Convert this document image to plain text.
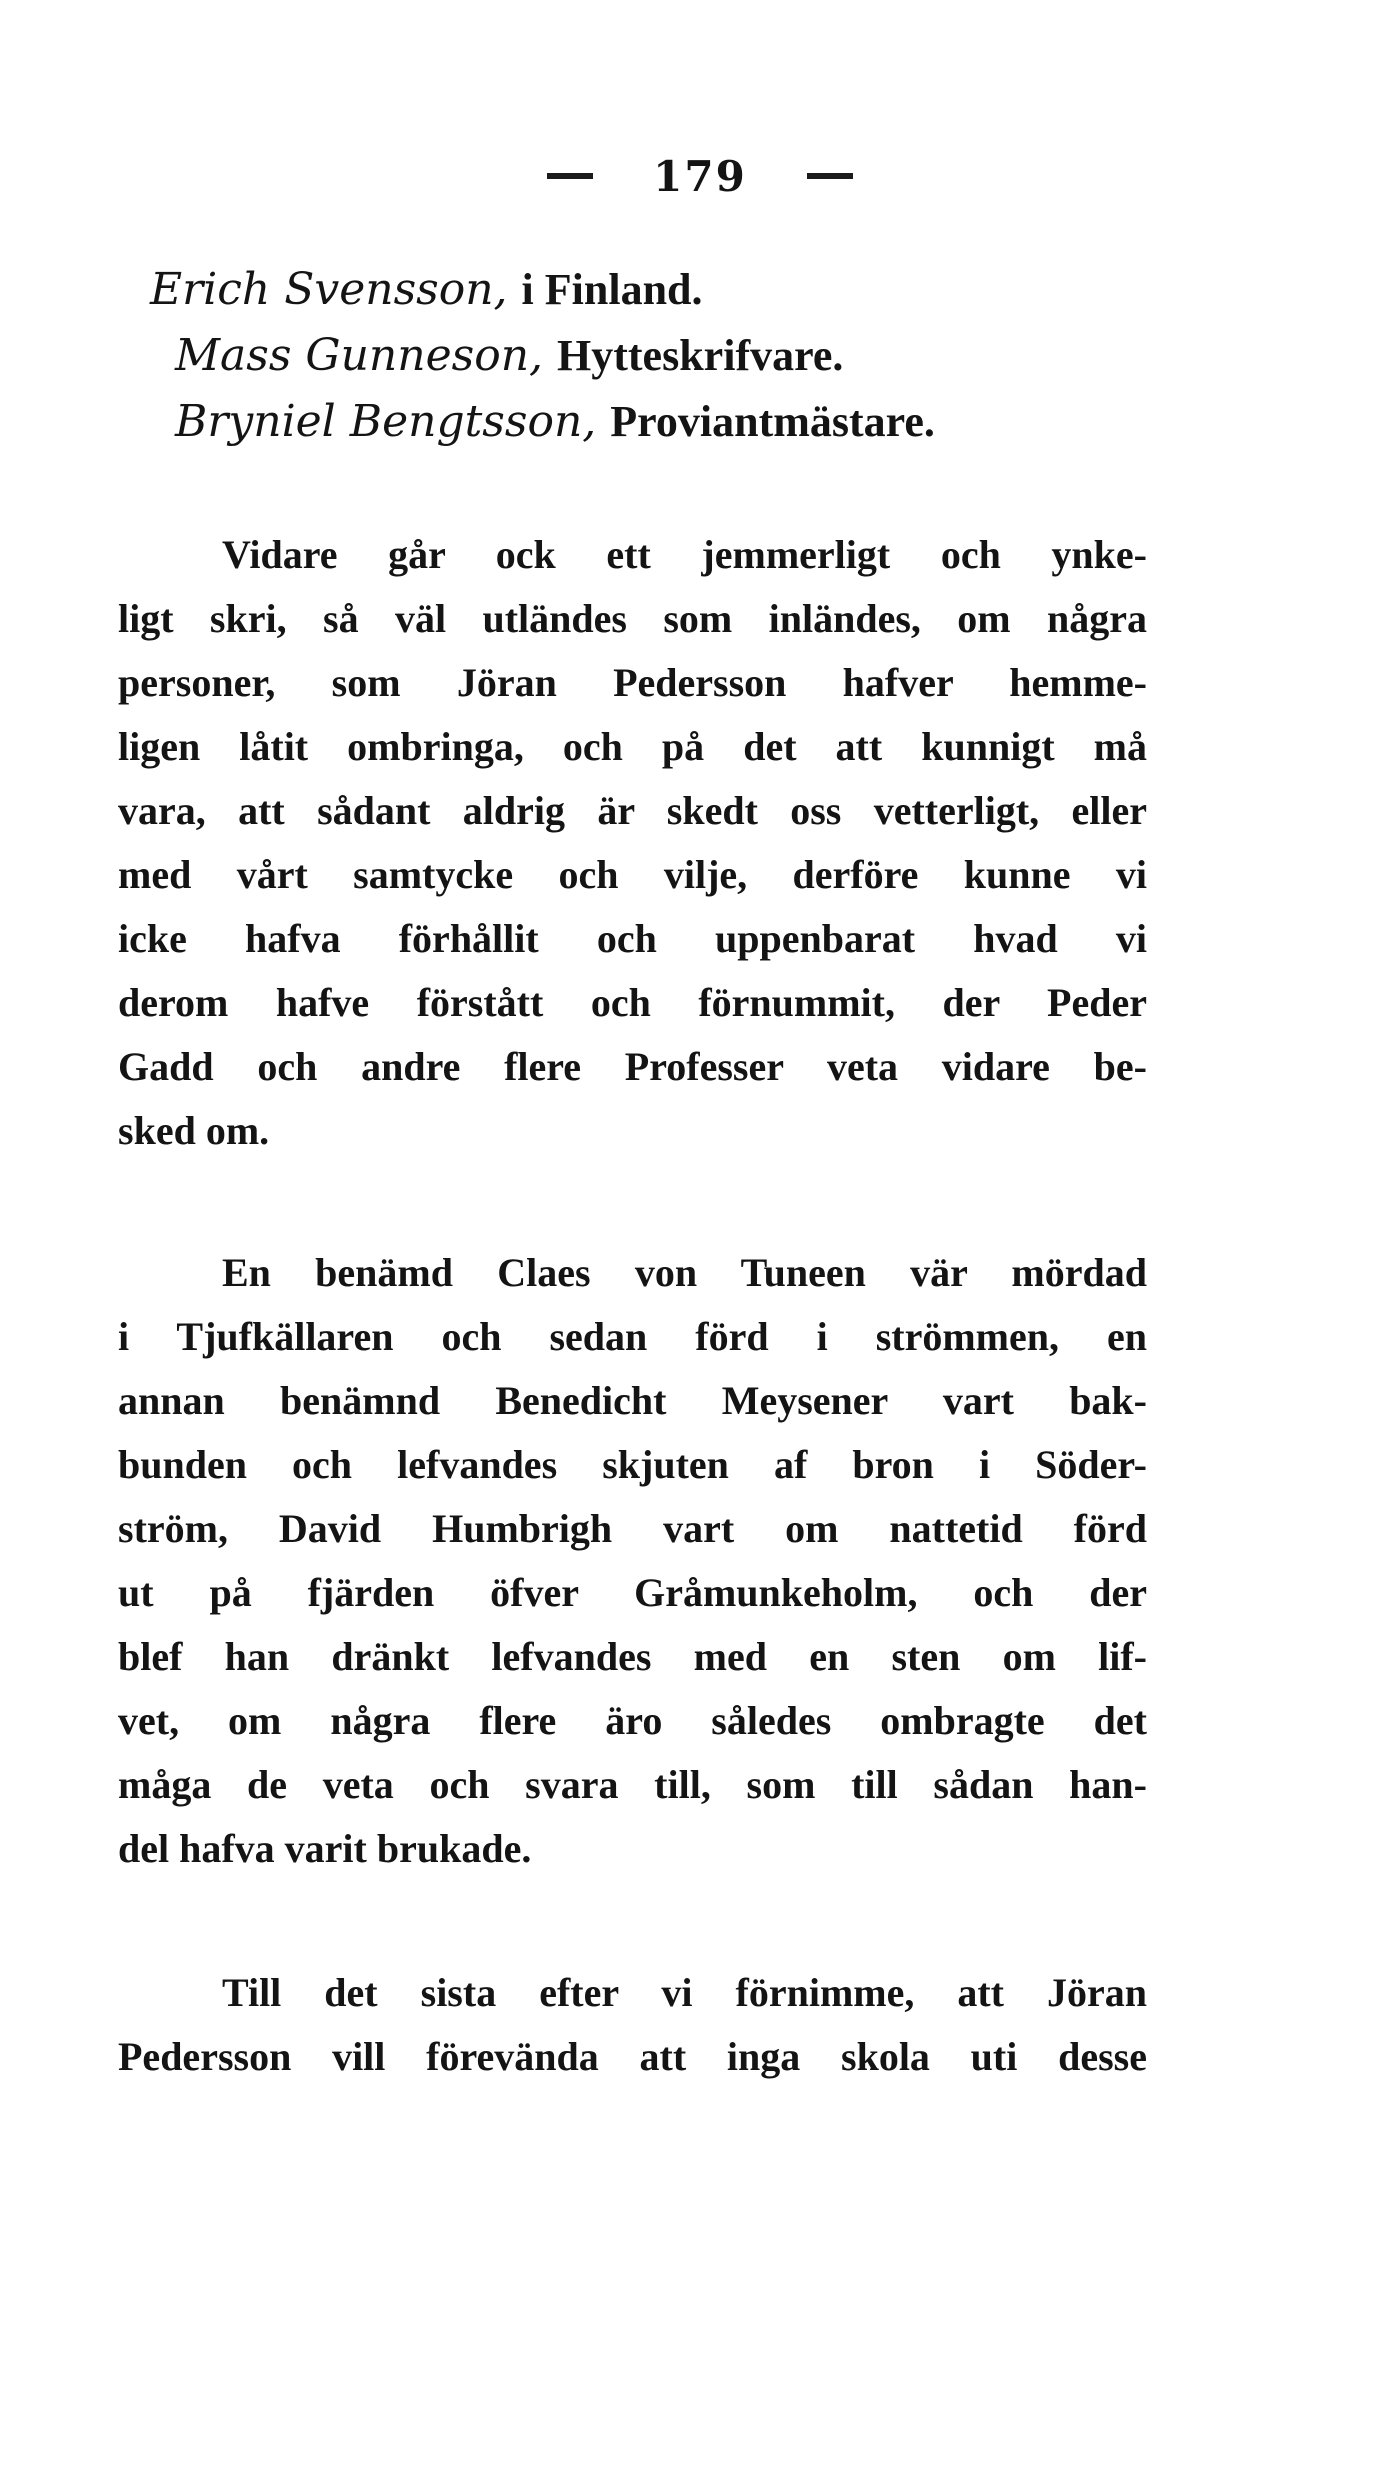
179
Erich Svensson, i Finland.
Mass Gunneson, Hytteskrifvare.
Bryniel Bengtsson, Proviantmästare.
Vidare går ock ett jemmerligt och ynke-
ligt skri, så väl utländes som inländes, om några
personer, som Jöran Pedersson hafver hemme-
ligen låtit ombringa, och på det att kunnigt må
vara, att sådant aldrig är skedt oss vetterligt, eller
med vårt samtycke och vilje, derföre kunne vi
icke hafva förhållit och uppenbarat hvad vi
derom hafve förstått och förnummit, der Peder
Gadd och andre flere Professer veta vidare be-
sked om.
En benämd Claes von Tuneen vär mördad
i Tjufkällaren och sedan förd i strömmen, en
annan benämnd Benedicht Meysener vart bak-
bunden och lefvandes skjuten af bron i Söder-
ström, David Humbrigh vart om nattetid förd
ut på fjärden öfver Gråmunkeholm, och der
blef han dränkt lefvandes med en sten om lif-
vet, om några flere äro således ombragte det
måga de veta och svara till, som till sådan han-
del hafva varit brukade.
Till det sista efter vi förnimme, att Jöran
Pedersson vill förevända att inga skola uti desse
